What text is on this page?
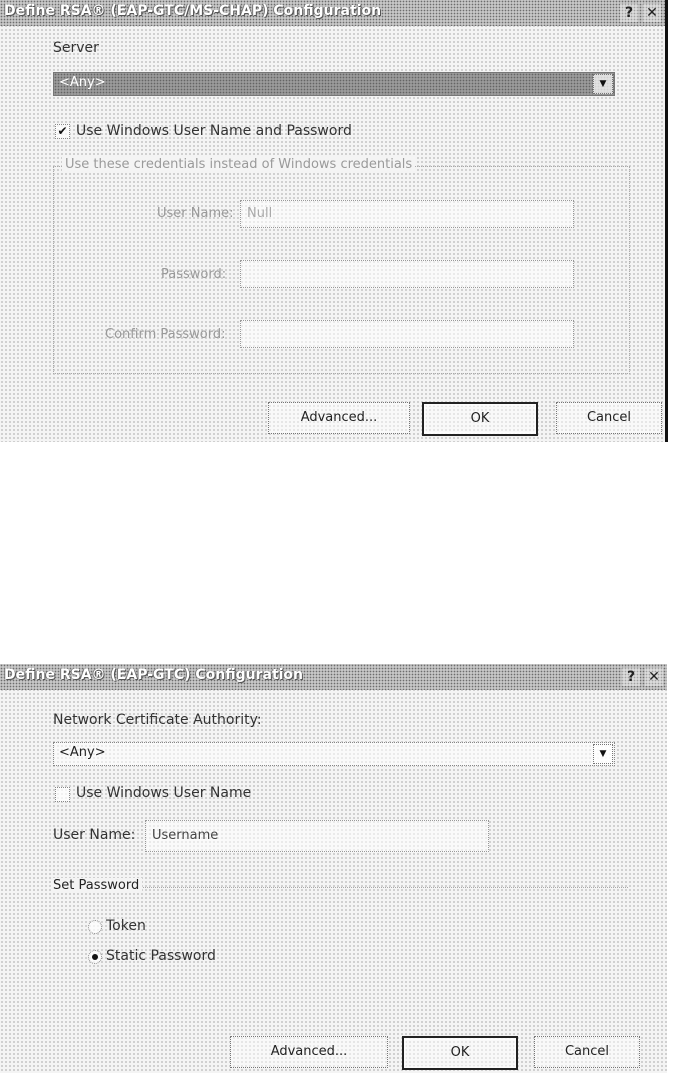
Define RSA® (EAP-GTC/MS-CHAP) Configuration	? ✕
Server
<Any>	▼
✔ Use Windows User Name and Password
Use these credentials instead of Windows credentials
User Name: Null
Password:
Confirm Password:
Advanced...	OK	Cancel
Define RSA® (EAP-GTC) Configuration	? ✕
Network Certificate Authority:
<Any>	▼
Use Windows User Name
User Name: Username
Set Password
Token
Static Password
Advanced...	OK	Cancel
